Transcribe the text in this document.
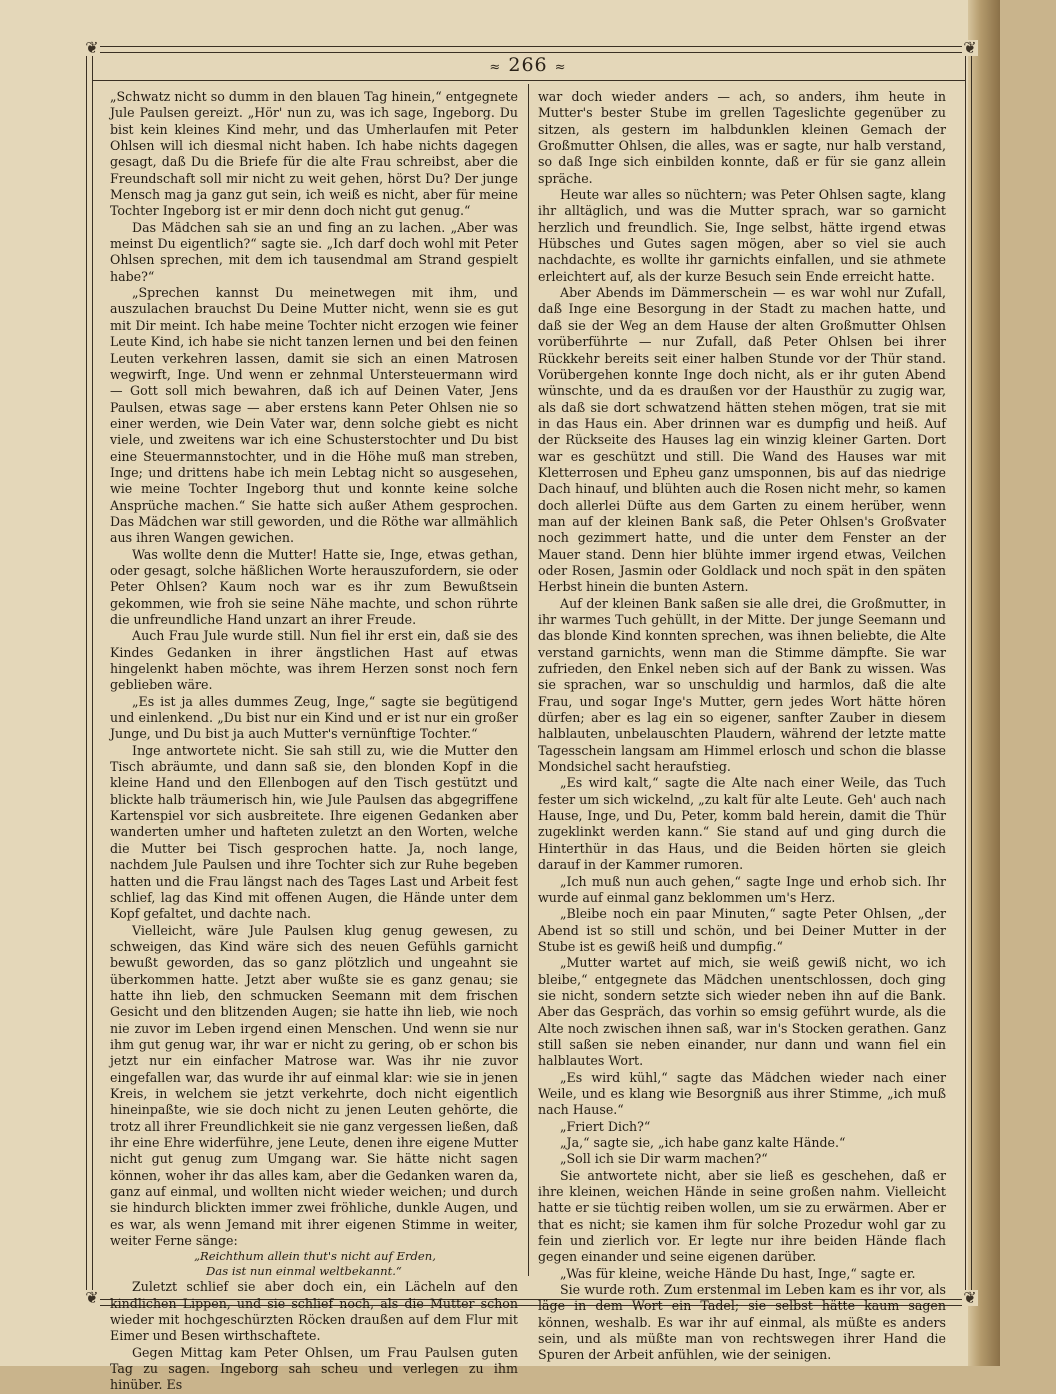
❦	❦
❦	❦
≈ 266 ≈

„Schwatz nicht so dumm in den blauen Tag hinein,“ entgegnete Jule Paulsen gereizt. „Hör' nun zu, was ich sage, Ingeborg. Du bist kein kleines Kind mehr, und das Umherlaufen mit Peter Ohlsen will ich diesmal nicht haben. Ich habe nichts dagegen gesagt, daß Du die Briefe für die alte Frau schreibst, aber die Freundschaft soll mir nicht zu weit gehen, hörst Du? Der junge Mensch mag ja ganz gut sein, ich weiß es nicht, aber für meine Tochter Ingeborg ist er mir denn doch nicht gut genug.“

Das Mädchen sah sie an und fing an zu lachen. „Aber was meinst Du eigentlich?“ sagte sie. „Ich darf doch wohl mit Peter Ohlsen sprechen, mit dem ich tausendmal am Strand gespielt habe?“

„Sprechen kannst Du meinetwegen mit ihm, und auszulachen brauchst Du Deine Mutter nicht, wenn sie es gut mit Dir meint. Ich habe meine Tochter nicht erzogen wie feiner Leute Kind, ich habe sie nicht tanzen lernen und bei den feinen Leuten verkehren lassen, damit sie sich an einen Matrosen wegwirft, Inge. Und wenn er zehnmal Untersteuermann wird — Gott soll mich bewahren, daß ich auf Deinen Vater, Jens Paulsen, etwas sage — aber erstens kann Peter Ohlsen nie so einer werden, wie Dein Vater war, denn solche giebt es nicht viele, und zweitens war ich eine Schusterstochter und Du bist eine Steuermannstochter, und in die Höhe muß man streben, Inge; und drittens habe ich mein Lebtag nicht so ausgesehen, wie meine Tochter Ingeborg thut und konnte keine solche Ansprüche machen.“ Sie hatte sich außer Athem gesprochen. Das Mädchen war still geworden, und die Röthe war allmählich aus ihren Wangen gewichen.

Was wollte denn die Mutter! Hatte sie, Inge, etwas gethan, oder gesagt, solche häßlichen Worte herauszufordern, sie oder Peter Ohlsen? Kaum noch war es ihr zum Bewußtsein gekommen, wie froh sie seine Nähe machte, und schon rührte die unfreundliche Hand unzart an ihrer Freude.

Auch Frau Jule wurde still. Nun fiel ihr erst ein, daß sie des Kindes Gedanken in ihrer ängstlichen Hast auf etwas hingelenkt haben möchte, was ihrem Herzen sonst noch fern geblieben wäre.

„Es ist ja alles dummes Zeug, Inge,“ sagte sie begütigend und einlenkend. „Du bist nur ein Kind und er ist nur ein großer Junge, und Du bist ja auch Mutter's vernünftige Tochter.“

Inge antwortete nicht. Sie sah still zu, wie die Mutter den Tisch abräumte, und dann saß sie, den blonden Kopf in die kleine Hand und den Ellenbogen auf den Tisch gestützt und blickte halb träumerisch hin, wie Jule Paulsen das abgegriffene Kartenspiel vor sich ausbreitete. Ihre eigenen Gedanken aber wanderten umher und hafteten zuletzt an den Worten, welche die Mutter bei Tisch gesprochen hatte. Ja, noch lange, nachdem Jule Paulsen und ihre Tochter sich zur Ruhe begeben hatten und die Frau längst nach des Tages Last und Arbeit fest schlief, lag das Kind mit offenen Augen, die Hände unter dem Kopf gefaltet, und dachte nach.

Vielleicht, wäre Jule Paulsen klug genug gewesen, zu schweigen, das Kind wäre sich des neuen Gefühls garnicht bewußt geworden, das so ganz plötzlich und ungeahnt sie überkommen hatte. Jetzt aber wußte sie es ganz genau; sie hatte ihn lieb, den schmucken Seemann mit dem frischen Gesicht und den blitzenden Augen; sie hatte ihn lieb, wie noch nie zuvor im Leben irgend einen Menschen. Und wenn sie nur ihm gut genug war, ihr war er nicht zu gering, ob er schon bis jetzt nur ein einfacher Matrose war. Was ihr nie zuvor eingefallen war, das wurde ihr auf einmal klar: wie sie in jenen Kreis, in welchem sie jetzt verkehrte, doch nicht eigentlich hineinpaßte, wie sie doch nicht zu jenen Leuten gehörte, die trotz all ihrer Freundlichkeit sie nie ganz vergessen ließen, daß ihr eine Ehre widerführe, jene Leute, denen ihre eigene Mutter nicht gut genug zum Umgang war. Sie hätte nicht sagen können, woher ihr das alles kam, aber die Gedanken waren da, ganz auf einmal, und wollten nicht wieder weichen; und durch sie hindurch blickten immer zwei fröhliche, dunkle Augen, und es war, als wenn Jemand mit ihrer eigenen Stimme in weiter, weiter Ferne sänge:

„Reichthum allein thut's nicht auf Erden,
Das ist nun einmal weltbekannt.“

Zuletzt schlief sie aber doch ein, ein Lächeln auf den kindlichen Lippen, und sie schlief noch, als die Mutter schon wieder mit hochgeschürzten Röcken draußen auf dem Flur mit Eimer und Besen wirthschaftete.

Gegen Mittag kam Peter Ohlsen, um Frau Paulsen guten Tag zu sagen. Ingeborg sah scheu und verlegen zu ihm hinüber. Es

war doch wieder anders — ach, so anders, ihm heute in Mutter's bester Stube im grellen Tageslichte gegenüber zu sitzen, als gestern im halbdunklen kleinen Gemach der Großmutter Ohlsen, die alles, was er sagte, nur halb verstand, so daß Inge sich einbilden konnte, daß er für sie ganz allein spräche.

Heute war alles so nüchtern; was Peter Ohlsen sagte, klang ihr alltäglich, und was die Mutter sprach, war so garnicht herzlich und freundlich. Sie, Inge selbst, hätte irgend etwas Hübsches und Gutes sagen mögen, aber so viel sie auch nachdachte, es wollte ihr garnichts einfallen, und sie athmete erleichtert auf, als der kurze Besuch sein Ende erreicht hatte.

Aber Abends im Dämmerschein — es war wohl nur Zufall, daß Inge eine Besorgung in der Stadt zu machen hatte, und daß sie der Weg an dem Hause der alten Großmutter Ohlsen vorüberführte — nur Zufall, daß Peter Ohlsen bei ihrer Rückkehr bereits seit einer halben Stunde vor der Thür stand. Vorübergehen konnte Inge doch nicht, als er ihr guten Abend wünschte, und da es draußen vor der Hausthür zu zugig war, als daß sie dort schwatzend hätten stehen mögen, trat sie mit in das Haus ein. Aber drinnen war es dumpfig und heiß. Auf der Rückseite des Hauses lag ein winzig kleiner Garten. Dort war es geschützt und still. Die Wand des Hauses war mit Kletterrosen und Epheu ganz umsponnen, bis auf das niedrige Dach hinauf, und blühten auch die Rosen nicht mehr, so kamen doch allerlei Düfte aus dem Garten zu einem herüber, wenn man auf der kleinen Bank saß, die Peter Ohlsen's Großvater noch gezimmert hatte, und die unter dem Fenster an der Mauer stand. Denn hier blühte immer irgend etwas, Veilchen oder Rosen, Jasmin oder Goldlack und noch spät in den späten Herbst hinein die bunten Astern.

Auf der kleinen Bank saßen sie alle drei, die Großmutter, in ihr warmes Tuch gehüllt, in der Mitte. Der junge Seemann und das blonde Kind konnten sprechen, was ihnen beliebte, die Alte verstand garnichts, wenn man die Stimme dämpfte. Sie war zufrieden, den Enkel neben sich auf der Bank zu wissen. Was sie sprachen, war so unschuldig und harmlos, daß die alte Frau, und sogar Inge's Mutter, gern jedes Wort hätte hören dürfen; aber es lag ein so eigener, sanfter Zauber in diesem halblauten, unbelauschten Plaudern, während der letzte matte Tagesschein langsam am Himmel erlosch und schon die blasse Mondsichel sacht heraufstieg.

„Es wird kalt,“ sagte die Alte nach einer Weile, das Tuch fester um sich wickelnd, „zu kalt für alte Leute. Geh' auch nach Hause, Inge, und Du, Peter, komm bald herein, damit die Thür zugeklinkt werden kann.“ Sie stand auf und ging durch die Hinterthür in das Haus, und die Beiden hörten sie gleich darauf in der Kammer rumoren.

„Ich muß nun auch gehen,“ sagte Inge und erhob sich. Ihr wurde auf einmal ganz beklommen um's Herz.

„Bleibe noch ein paar Minuten,“ sagte Peter Ohlsen, „der Abend ist so still und schön, und bei Deiner Mutter in der Stube ist es gewiß heiß und dumpfig.“

„Mutter wartet auf mich, sie weiß gewiß nicht, wo ich bleibe,“ entgegnete das Mädchen unentschlossen, doch ging sie nicht, sondern setzte sich wieder neben ihn auf die Bank. Aber das Gespräch, das vorhin so emsig geführt wurde, als die Alte noch zwischen ihnen saß, war in's Stocken gerathen. Ganz still saßen sie neben einander, nur dann und wann fiel ein halblautes Wort.

„Es wird kühl,“ sagte das Mädchen wieder nach einer Weile, und es klang wie Besorgniß aus ihrer Stimme, „ich muß nach Hause.“

„Friert Dich?“

„Ja,“ sagte sie, „ich habe ganz kalte Hände.“

„Soll ich sie Dir warm machen?“

Sie antwortete nicht, aber sie ließ es geschehen, daß er ihre kleinen, weichen Hände in seine großen nahm. Vielleicht hatte er sie tüchtig reiben wollen, um sie zu erwärmen. Aber er that es nicht; sie kamen ihm für solche Prozedur wohl gar zu fein und zierlich vor. Er legte nur ihre beiden Hände flach gegen einander und seine eigenen darüber.

„Was für kleine, weiche Hände Du hast, Inge,“ sagte er.

Sie wurde roth. Zum erstenmal im Leben kam es ihr vor, als läge in dem Wort ein Tadel; sie selbst hätte kaum sagen können, weshalb. Es war ihr auf einmal, als müßte es anders sein, und als müßte man von rechtswegen ihrer Hand die Spuren der Arbeit anfühlen, wie der seinigen.
